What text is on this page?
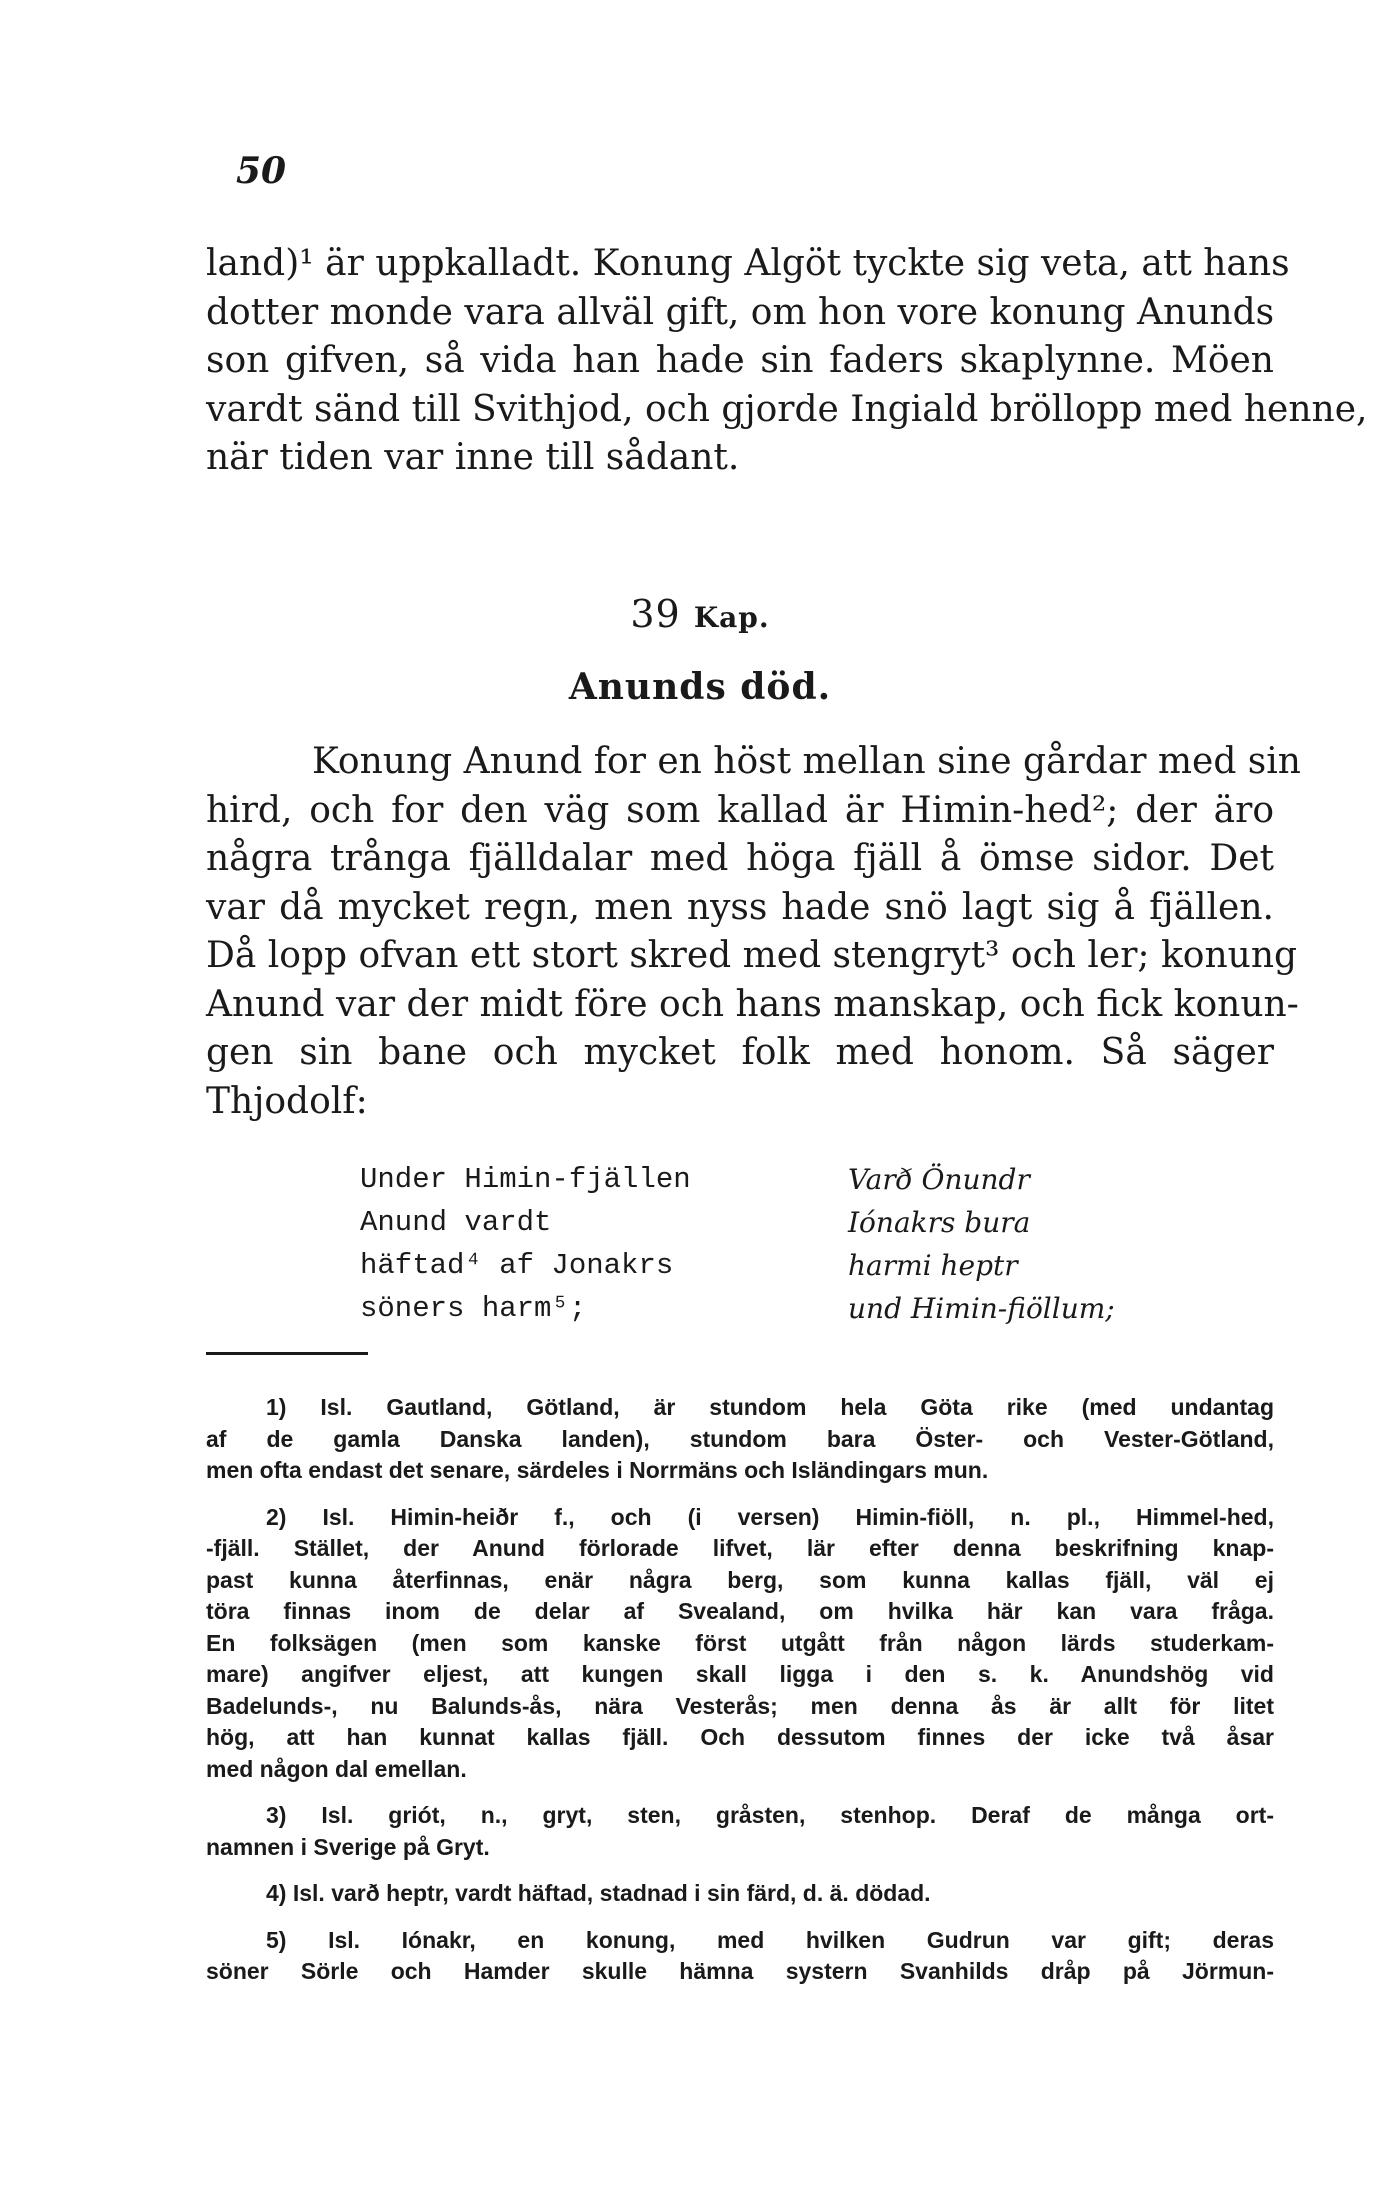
50
land)¹ är uppkalladt. Konung Algöt tyckte sig veta, att hans
dotter monde vara allväl gift, om hon vore konung Anunds
son gifven, så vida han hade sin faders skaplynne. Möen
vardt sänd till Svithjod, och gjorde Ingiald bröllopp med henne,
när tiden var inne till sådant.
39 Kap.
Anunds död.
Konung Anund for en höst mellan sine gårdar med sin
hird, och for den väg som kallad är Himin-hed²; der äro
några trånga fjälldalar med höga fjäll å ömse sidor. Det
var då mycket regn, men nyss hade snö lagt sig å fjällen.
Då lopp ofvan ett stort skred med stengryt³ och ler; konung
Anund var der midt före och hans manskap, och fick konun-
gen sin bane och mycket folk med honom. Så säger
Thjodolf:
Under Himin-fjällen
Anund vardt
häftad⁴ af Jonakrs
söners harm⁵;
Varð Önundr
Iónakrs bura
harmi heptr
und Himin-fiöllum;
1) Isl. Gautland, Götland, är stundom hela Göta rike (med undantag
af de gamla Danska landen), stundom bara Öster- och Vester-Götland,
men ofta endast det senare, särdeles i Norrmäns och Isländingars mun.
2) Isl. Himin-heiðr f., och (i versen) Himin-fiöll, n. pl., Himmel-hed,
-fjäll. Stället, der Anund förlorade lifvet, lär efter denna beskrifning knap-
past kunna återfinnas, enär några berg, som kunna kallas fjäll, väl ej
töra finnas inom de delar af Svealand, om hvilka här kan vara fråga.
En folksägen (men som kanske först utgått från någon lärds studerkam-
mare) angifver eljest, att kungen skall ligga i den s. k. Anundshög vid
Badelunds-, nu Balunds-ås, nära Vesterås; men denna ås är allt för litet
hög, att han kunnat kallas fjäll. Och dessutom finnes der icke två åsar
med någon dal emellan.
3) Isl. griót, n., gryt, sten, gråsten, stenhop. Deraf de många ort-
namnen i Sverige på Gryt.
4) Isl. varð heptr, vardt häftad, stadnad i sin färd, d. ä. dödad.
5) Isl. Iónakr, en konung, med hvilken Gudrun var gift; deras
söner Sörle och Hamder skulle hämna systern Svanhilds dråp på Jörmun-
